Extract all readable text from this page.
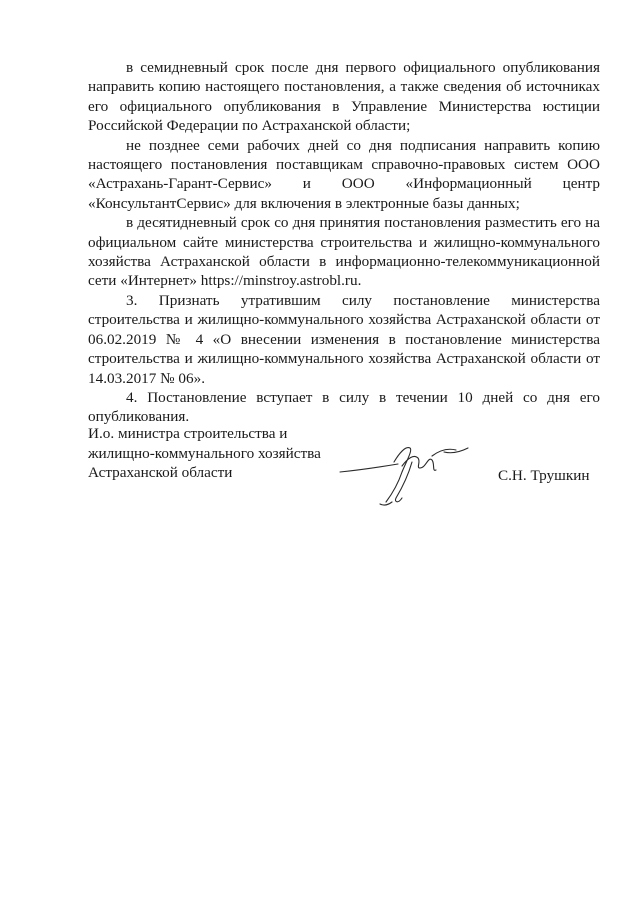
в семидневный срок после дня первого официального опубликования направить копию настоящего постановления, а также сведения об источниках его официального опубликования в Управление Министерства юстиции Российской Федерации по Астраханской области;

не позднее семи рабочих дней со дня подписания направить копию настоящего постановления поставщикам справочно-правовых систем ООО «Астрахань-Гарант-Сервис» и ООО «Информационный центр «КонсультантСервис» для включения в электронные базы данных;

в десятидневный срок со дня принятия постановления разместить его на официальном сайте министерства строительства и жилищно-коммунального хозяйства Астраханской области в информационно-телекоммуникационной сети «Интернет» https://minstroy.astrobl.ru.

3. Признать утратившим силу постановление министерства строительства и жилищно-коммунального хозяйства Астраханской области от 06.02.2019 № 4 «О внесении изменения в постановление министерства строительства и жилищно-коммунального хозяйства Астраханской области от 14.03.2017 № 06».

4. Постановление вступает в силу в течении 10 дней со дня его опубликования.

И.о. министра строительства и
жилищно-коммунального хозяйства
Астраханской области	С.Н. Трушкин
